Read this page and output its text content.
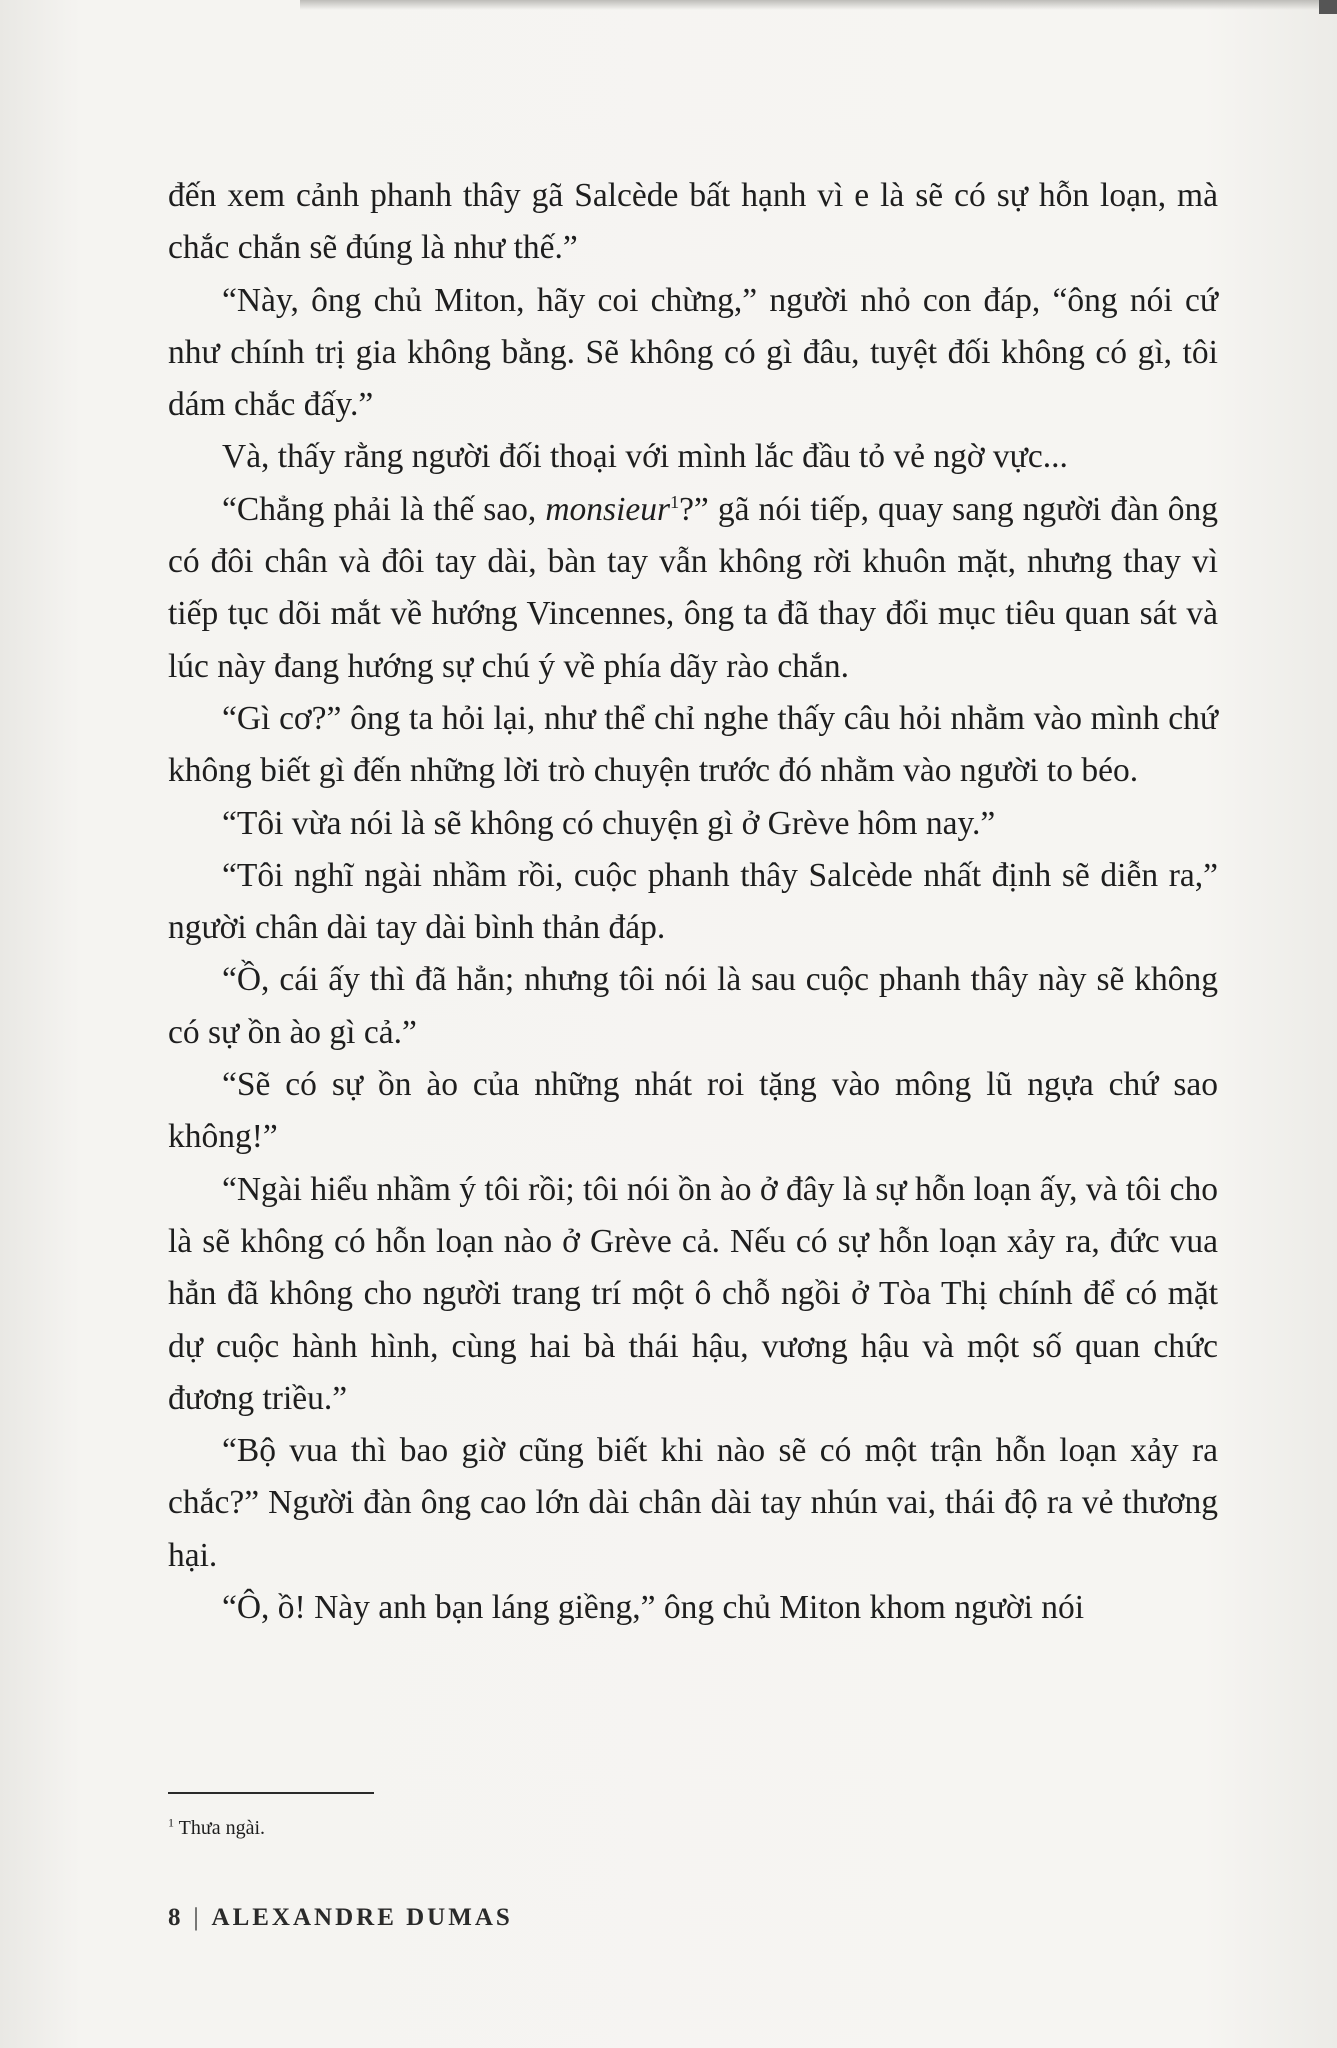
đến xem cảnh phanh thây gã Salcède bất hạnh vì e là sẽ có sự hỗn loạn, mà chắc chắn sẽ đúng là như thế.”

“Này, ông chủ Miton, hãy coi chừng,” người nhỏ con đáp, “ông nói cứ như chính trị gia không bằng. Sẽ không có gì đâu, tuyệt đối không có gì, tôi dám chắc đấy.”

Và, thấy rằng người đối thoại với mình lắc đầu tỏ vẻ ngờ vực...

“Chẳng phải là thế sao, monsieur$^1$?” gã nói tiếp, quay sang người đàn ông có đôi chân và đôi tay dài, bàn tay vẫn không rời khuôn mặt, nhưng thay vì tiếp tục dõi mắt về hướng Vincennes, ông ta đã thay đổi mục tiêu quan sát và lúc này đang hướng sự chú ý về phía dãy rào chắn.

“Gì cơ?” ông ta hỏi lại, như thể chỉ nghe thấy câu hỏi nhằm vào mình chứ không biết gì đến những lời trò chuyện trước đó nhằm vào người to béo.

“Tôi vừa nói là sẽ không có chuyện gì ở Grève hôm nay.”

“Tôi nghĩ ngài nhầm rồi, cuộc phanh thây Salcède nhất định sẽ diễn ra,” người chân dài tay dài bình thản đáp.

“Ồ, cái ấy thì đã hẳn; nhưng tôi nói là sau cuộc phanh thây này sẽ không có sự ồn ào gì cả.”

“Sẽ có sự ồn ào của những nhát roi tặng vào mông lũ ngựa chứ sao không!”

“Ngài hiểu nhầm ý tôi rồi; tôi nói ồn ào ở đây là sự hỗn loạn ấy, và tôi cho là sẽ không có hỗn loạn nào ở Grève cả. Nếu có sự hỗn loạn xảy ra, đức vua hẳn đã không cho người trang trí một ô chỗ ngồi ở Tòa Thị chính để có mặt dự cuộc hành hình, cùng hai bà thái hậu, vương hậu và một số quan chức đương triều.”

“Bộ vua thì bao giờ cũng biết khi nào sẽ có một trận hỗn loạn xảy ra chắc?” Người đàn ông cao lớn dài chân dài tay nhún vai, thái độ ra vẻ thương hại.

“Ô, ồ! Này anh bạn láng giềng,” ông chủ Miton khom người nói

$^1$ Thưa ngài.
8 | ALEXANDRE DUMAS
